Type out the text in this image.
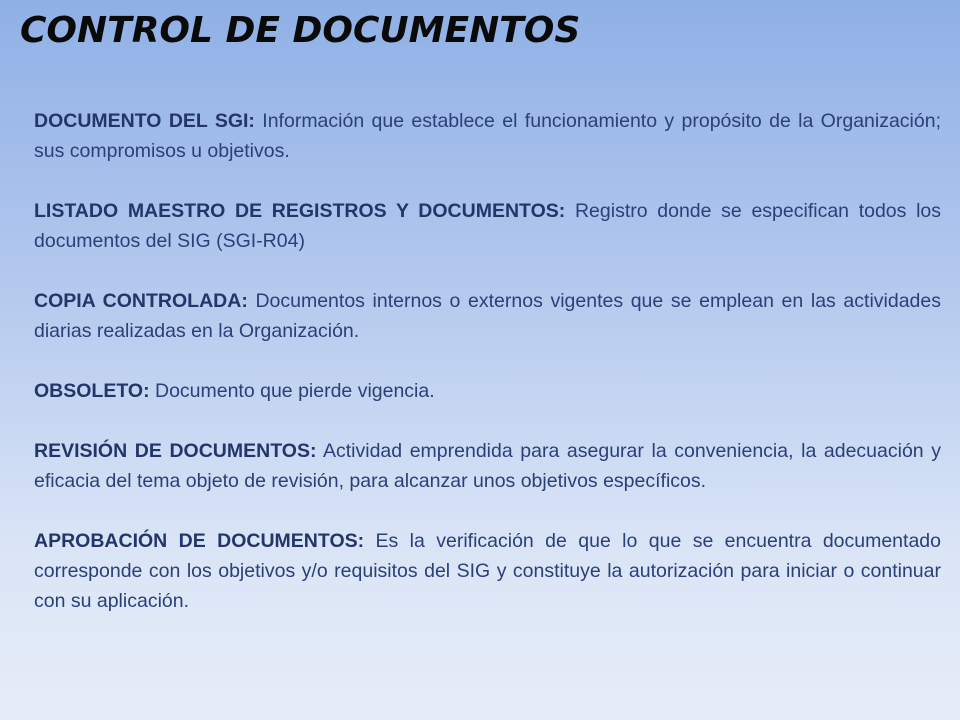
CONTROL DE DOCUMENTOS

DOCUMENTO DEL SGI: Información que establece el funcionamiento y propósito de la Organización; sus compromisos u objetivos.

LISTADO MAESTRO DE REGISTROS Y DOCUMENTOS: Registro donde se especifican todos los documentos del SIG (SGI-R04)

COPIA CONTROLADA: Documentos internos o externos vigentes que se emplean en las actividades diarias realizadas en la Organización.

OBSOLETO: Documento que pierde vigencia.

REVISIÓN DE DOCUMENTOS: Actividad emprendida para asegurar la conveniencia, la adecuación y eficacia del tema objeto de revisión, para alcanzar unos objetivos específicos.

APROBACIÓN DE DOCUMENTOS: Es la verificación de que lo que se encuentra documentado corresponde con los objetivos y/o requisitos del SIG y constituye la autorización para iniciar o continuar con su aplicación.
